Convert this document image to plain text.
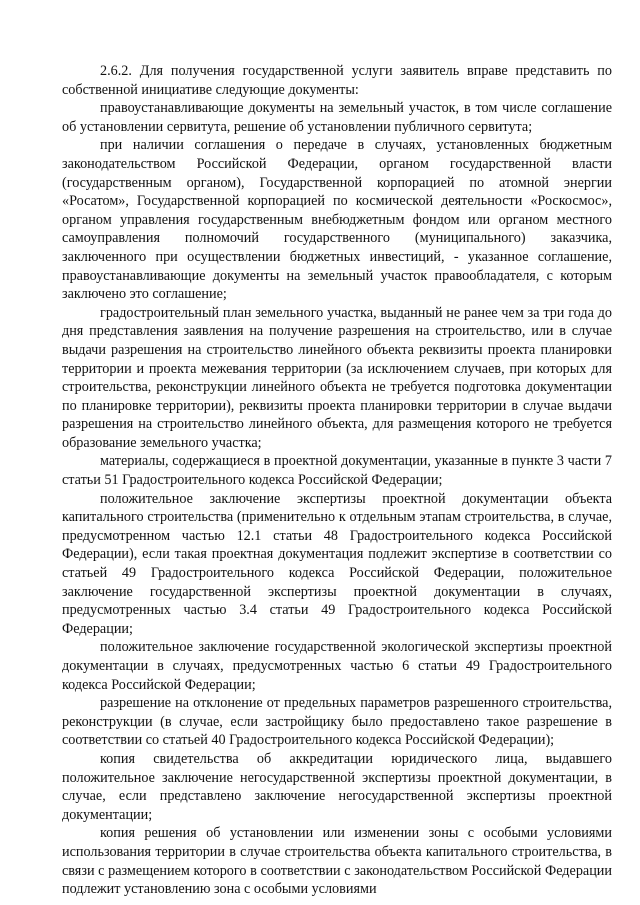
2.6.2. Для получения государственной услуги заявитель вправе представить по собственной инициативе следующие документы:

правоустанавливающие документы на земельный участок, в том числе соглашение об установлении сервитута, решение об установлении публичного сервитута;

при наличии соглашения о передаче в случаях, установленных бюджетным законодательством Российской Федерации, органом государственной власти (государственным органом), Государственной корпорацией по атомной энергии «Росатом», Государственной корпорацией по космической деятельности «Роскосмос», органом управления государственным внебюджетным фондом или органом местного самоуправления полномочий государственного (муниципального) заказчика, заключенного при осуществлении бюджетных инвестиций, - указанное соглашение, правоустанавливающие документы на земельный участок правообладателя, с которым заключено это соглашение;

градостроительный план земельного участка, выданный не ранее чем за три года до дня представления заявления на получение разрешения на строительство, или в случае выдачи разрешения на строительство линейного объекта реквизиты проекта планировки территории и проекта межевания территории (за исключением случаев, при которых для строительства, реконструкции линейного объекта не требуется подготовка документации по планировке территории), реквизиты проекта планировки территории в случае выдачи разрешения на строительство линейного объекта, для размещения которого не требуется образование земельного участка;

материалы, содержащиеся в проектной документации, указанные в пункте 3 части 7 статьи 51 Градостроительного кодекса Российской Федерации;

положительное заключение экспертизы проектной документации объекта капитального строительства (применительно к отдельным этапам строительства, в случае, предусмотренном частью 12.1 статьи 48 Градостроительного кодекса Российской Федерации), если такая проектная документация подлежит экспертизе в соответствии со статьей 49 Градостроительного кодекса Российской Федерации, положительное заключение государственной экспертизы проектной документации в случаях, предусмотренных частью 3.4 статьи 49 Градостроительного кодекса Российской Федерации;

положительное заключение государственной экологической экспертизы проектной документации в случаях, предусмотренных частью 6 статьи 49 Градостроительного кодекса Российской Федерации;

разрешение на отклонение от предельных параметров разрешенного строительства, реконструкции (в случае, если застройщику было предоставлено такое разрешение в соответствии со статьей 40 Градостроительного кодекса Российской Федерации);

копия свидетельства об аккредитации юридического лица, выдавшего положительное заключение негосударственной экспертизы проектной документации, в случае, если представлено заключение негосударственной экспертизы проектной документации;

копия решения об установлении или изменении зоны с особыми условиями использования территории в случае строительства объекта капитального строительства, в связи с размещением которого в соответствии с законодательством Российской Федерации подлежит установлению зона с особыми условиями
